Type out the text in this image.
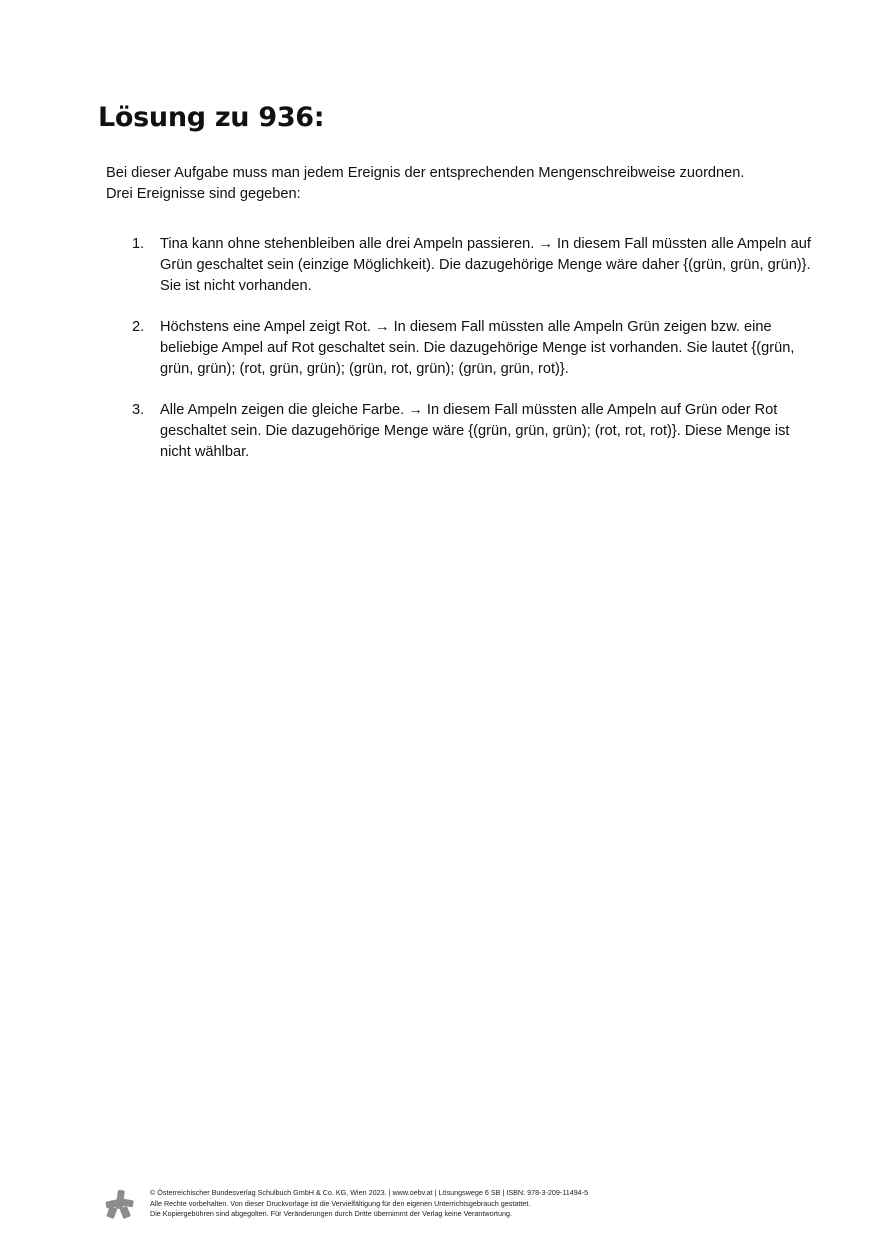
Lösung zu 936:

Bei dieser Aufgabe muss man jedem Ereignis der entsprechenden Mengenschreibweise zuordnen.

Drei Ereignisse sind gegeben:

1. Tina kann ohne stehenbleiben alle drei Ampeln passieren. → In diesem Fall müssten alle Ampeln auf Grün geschaltet sein (einzige Möglichkeit). Die dazugehörige Menge wäre daher {(grün, grün, grün)}. Sie ist nicht vorhanden.
2. Höchstens eine Ampel zeigt Rot. → In diesem Fall müssten alle Ampeln Grün zeigen bzw. eine beliebige Ampel auf Rot geschaltet sein. Die dazugehörige Menge ist vorhanden. Sie lautet {(grün, grün, grün); (rot, grün, grün); (grün, rot, grün); (grün, grün, rot)}.
3. Alle Ampeln zeigen die gleiche Farbe. → In diesem Fall müssten alle Ampeln auf Grün oder Rot geschaltet sein. Die dazugehörige Menge wäre {(grün, grün, grün); (rot, rot, rot)}. Diese Menge ist nicht wählbar.
© Österreichischer Bundesverlag Schulbuch GmbH & Co. KG, Wien 2023. | www.oebv.at | Lösungswege 6 SB | ISBN: 978-3-209-11494-5
Alle Rechte vorbehalten. Von dieser Druckvorlage ist die Vervielfältigung für den eigenen Unterrichtsgebrauch gestattet.
Die Kopiergebühren sind abgegolten. Für Veränderungen durch Dritte übernimmt der Verlag keine Verantwortung.
